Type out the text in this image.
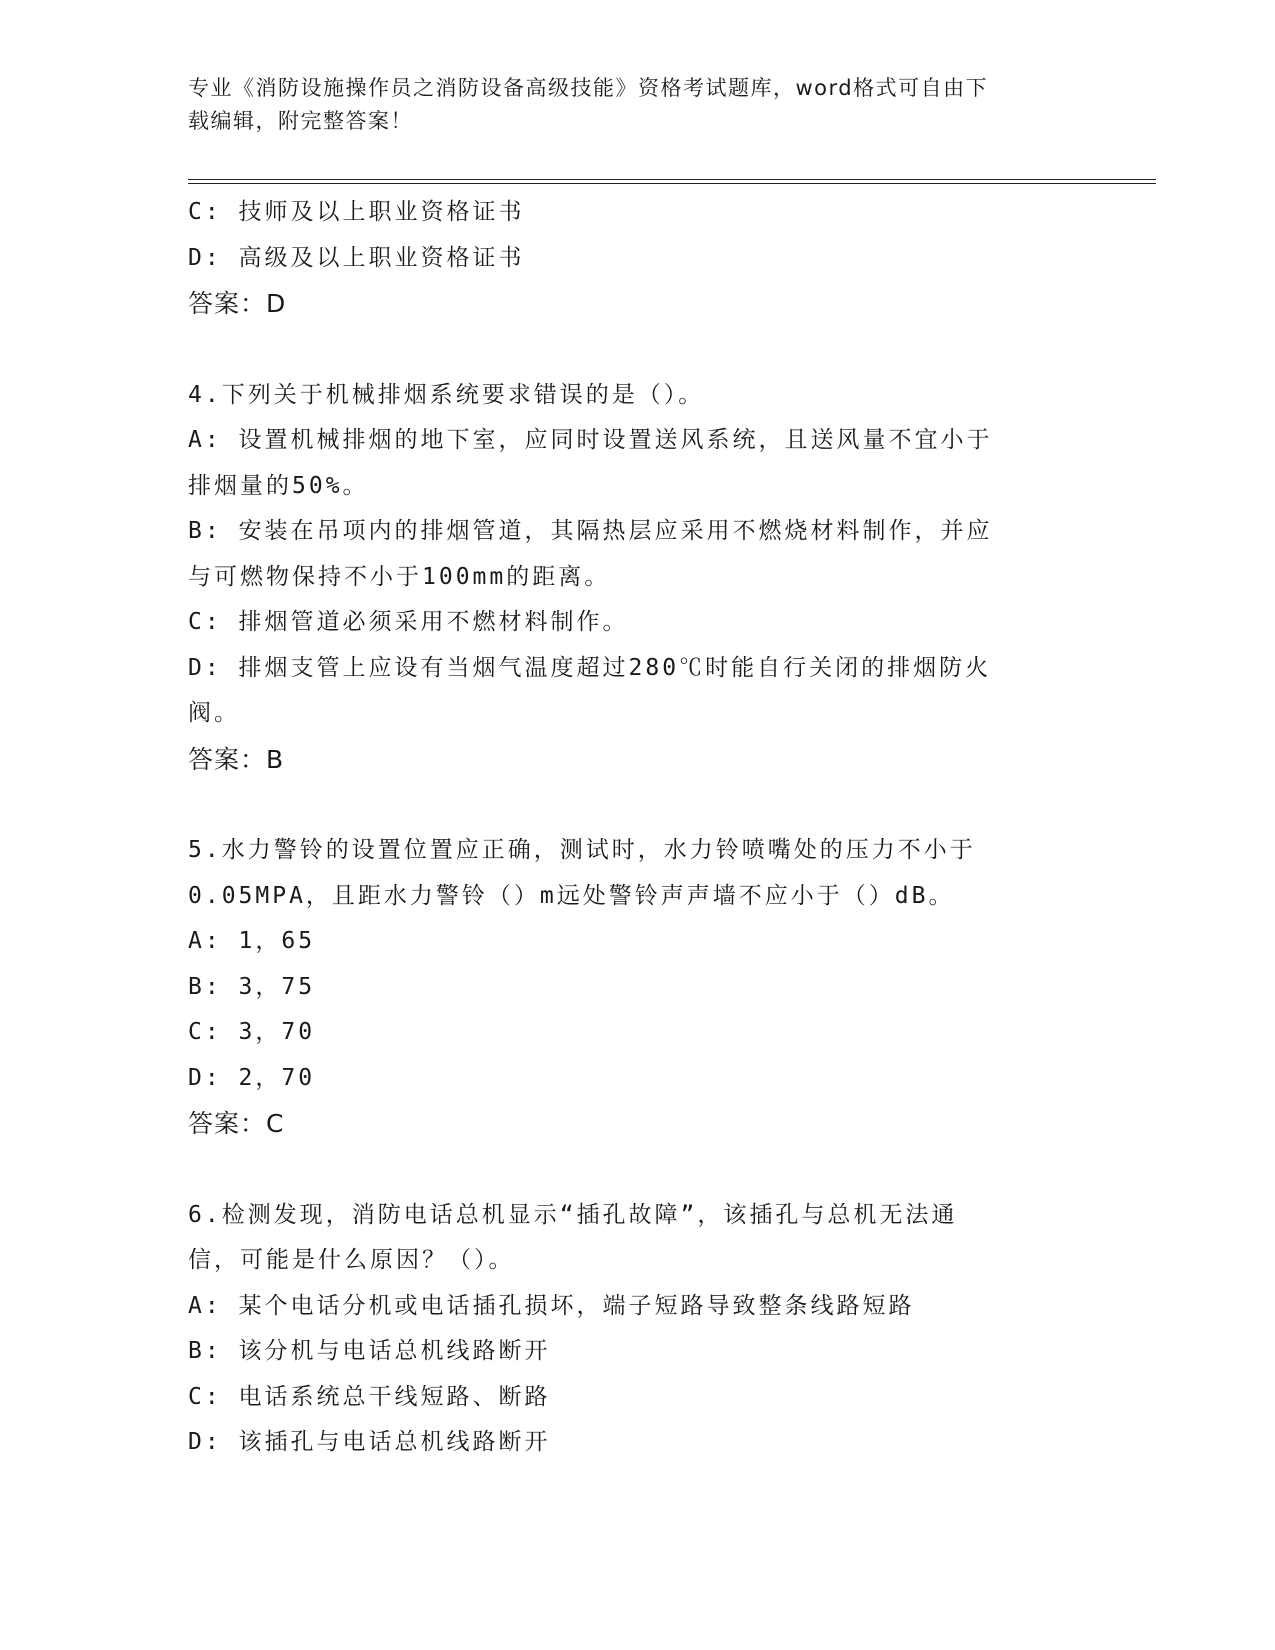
专业《消防设施操作员之消防设备高级技能》资格考试题库，word格式可自由下
载编辑，附完整答案！
C: 技师及以上职业资格证书
D: 高级及以上职业资格证书
答案：D
4.下列关于机械排烟系统要求错误的是（）。
A: 设置机械排烟的地下室，应同时设置送风系统，且送风量不宜小于
排烟量的50%。
B: 安装在吊项内的排烟管道，其隔热层应采用不燃烧材料制作，并应
与可燃物保持不小于100mm的距离。
C: 排烟管道必须采用不燃材料制作。
D: 排烟支管上应设有当烟气温度超过280℃时能自行关闭的排烟防火
阀。
答案：B
5.水力警铃的设置位置应正确，测试时，水力铃喷嘴处的压力不小于
0.05MPA，且距水力警铃（）m远处警铃声声墙不应小于（）dB。
A: 1，65
B: 3，75
C: 3，70
D: 2，70
答案：C
6.检测发现，消防电话总机显示“插孔故障”，该插孔与总机无法通
信，可能是什么原因？（）。
A: 某个电话分机或电话插孔损坏，端子短路导致整条线路短路
B: 该分机与电话总机线路断开
C: 电话系统总干线短路、断路
D: 该插孔与电话总机线路断开
